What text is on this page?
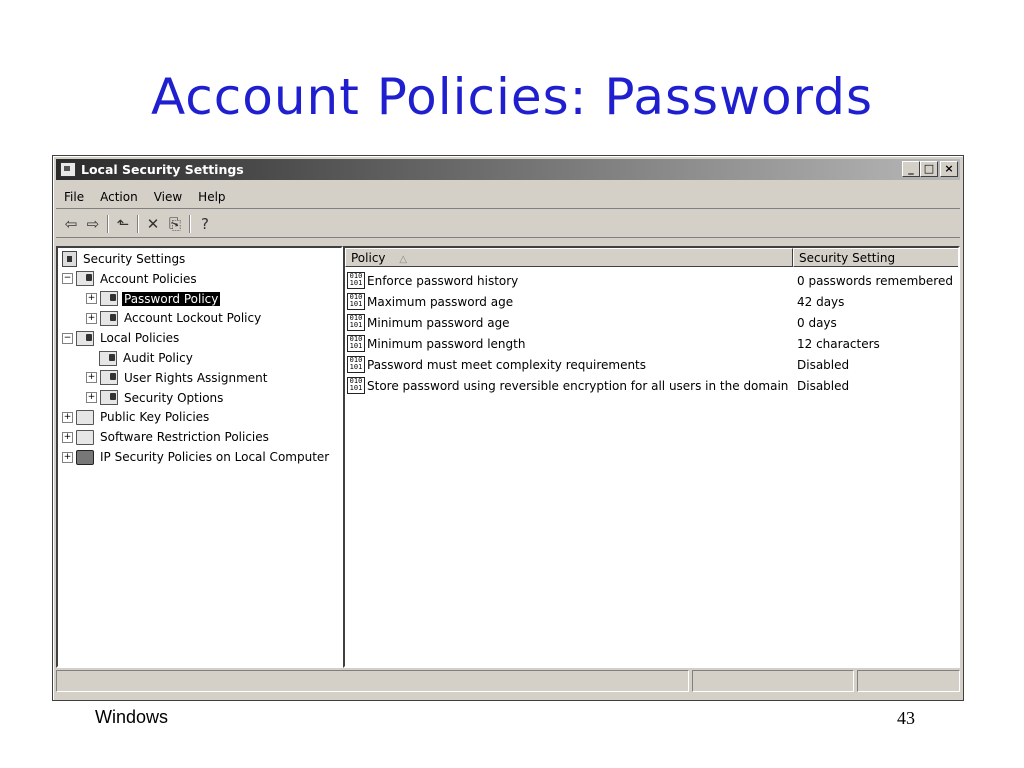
Account Policies: Passwords
Local Security Settings	_ □ ×
File	Action	View	Help
⇦ ⇨	⬑	✕ ⎘	?
Security Settings
− Account Policies
+ Password Policy
+ Account Lockout Policy
− Local Policies
Audit Policy
+ User Rights Assignment
+ Security Options
+ Public Key Policies
+ Software Restriction Policies
+ IP Security Policies on Local Computer
Policy △	Security Setting
010
101 Enforce password history	0 passwords remembered
010
101 Maximum password age	42 days
010
101 Minimum password age	0 days
010
101 Minimum password length	12 characters
010
101 Password must meet complexity requirements	Disabled
010
101 Store password using reversible encryption for all users in the domain Disabled
Windows	43
